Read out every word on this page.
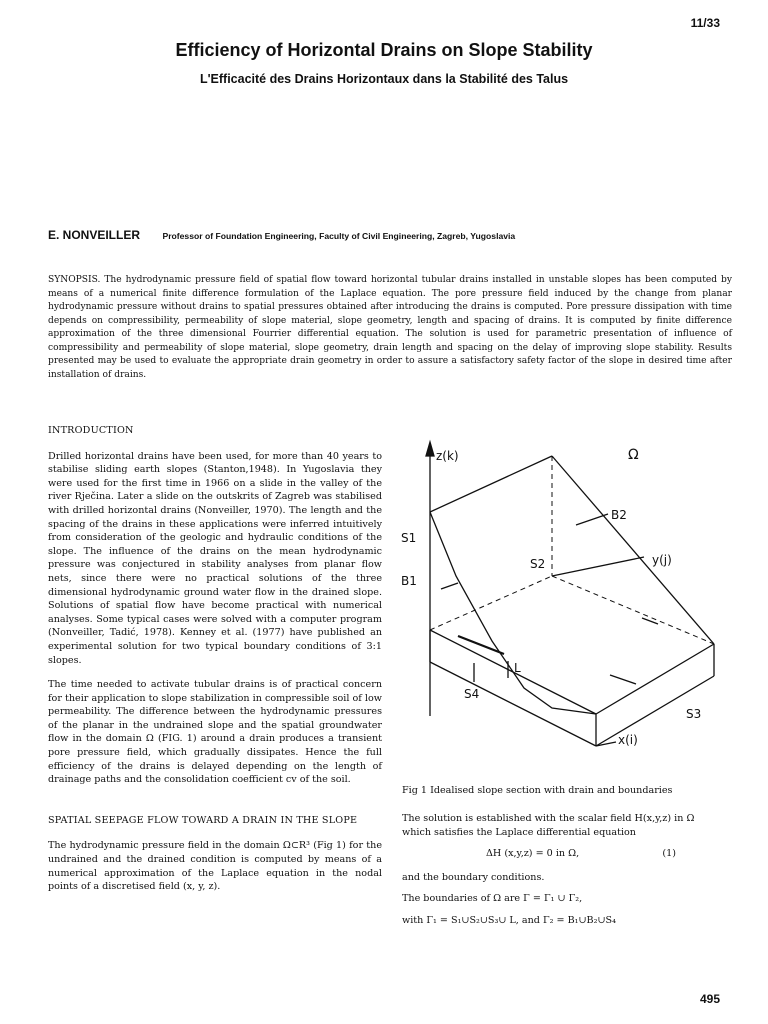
11/33
Efficiency of Horizontal Drains on Slope Stability
L'Efficacité des Drains Horizontaux dans la Stabilité des Talus
E. NONVEILLER	Professor of Foundation Engineering, Faculty of Civil Engineering, Zagreb, Yugoslavia

SYNOPSIS. The hydrodynamic pressure field of spatial flow toward horizontal tubular drains installed in unstable slopes has been computed by means of a numerical finite difference formulation of the Laplace equation. The pore pressure field induced by the change from planar hydrodynamic pressure without drains to spatial pressures obtained after introducing the drains is computed. Pore pressure dissipation with time depends on compressibility, permeability of slope material, slope geometry, length and spacing of drains. It is computed by finite difference approximation of the three dimensional Fourrier differential equation. The solution is used for parametric presentation of influence of compressibility and permeability of slope material, slope geometry, drain length and spacing on the delay of improving slope stability. Results presented may be used to evaluate the appropriate drain geometry in order to assure a satisfactory safety factor of the slope in desired time after installation of drains.

INTRODUCTION

Drilled horizontal drains have been used, for more than 40 years to stabilise sliding earth slopes (Stanton,1948). In Yugoslavia they were used for the first time in 1966 on a slide in the valley of the river Rječina. Later a slide on the outskrits of Zagreb was stabilised with drilled horizontal drains (Nonveiller, 1970). The length and the spacing of the drains in these applications were inferred intuitively from consideration of the geologic and hydraulic conditions of the slope. The influence of the drains on the mean hydrodynamic pressure was conjectured in stability analyses from planar flow nets, since there were no practical solutions of the three dimensional hydrodynamic ground water flow in the drained slope. Solutions of spatial flow have become practical with numerical analyses. Some typical cases were solved with a computer program (Nonveiller, Tadić, 1978). Kenney et al. (1977) have published an experimental solution for two typical boundary conditions of 3:1 slopes.

The time needed to activate tubular drains is of practical concern for their application to slope stabilization in compressible soil of low permeability. The difference between the hydrodynamic pressures of the planar in the undrained slope and the spatial groundwater flow in the domain Ω (FIG. 1) around a drain produces a transient pore pressure field, which gradually dissipates. Hence the full efficiency of the drains is delayed depending on the length of drainage paths and the consolidation coefficient cv of the soil.

SPATIAL SEEPAGE FLOW TOWARD A DRAIN IN THE SLOPE

The hydrodynamic pressure field in the domain Ω⊂R³ (Fig 1) for the undrained and the drained condition is computed by means of a numerical approximation of the Laplace equation in the nodal points of a discretised field (x, y, z).

z(k)	Ω
y(j)
x(i)
S1
B1
B2
S2
S3
S4
L
Fig 1 Idealised slope section with drain and boundaries

The solution is established with the scalar field H(x,y,z) in Ω which satisfies the Laplace differential equation

ΔH (x,y,z) = 0 in Ω,	(1)

and the boundary conditions.

The boundaries of Ω are Γ = Γ₁ ∪ Γ₂,

with Γ₁ = S₁∪S₂∪S₃∪ L, and Γ₂ = B₁∪B₂∪S₄

495
